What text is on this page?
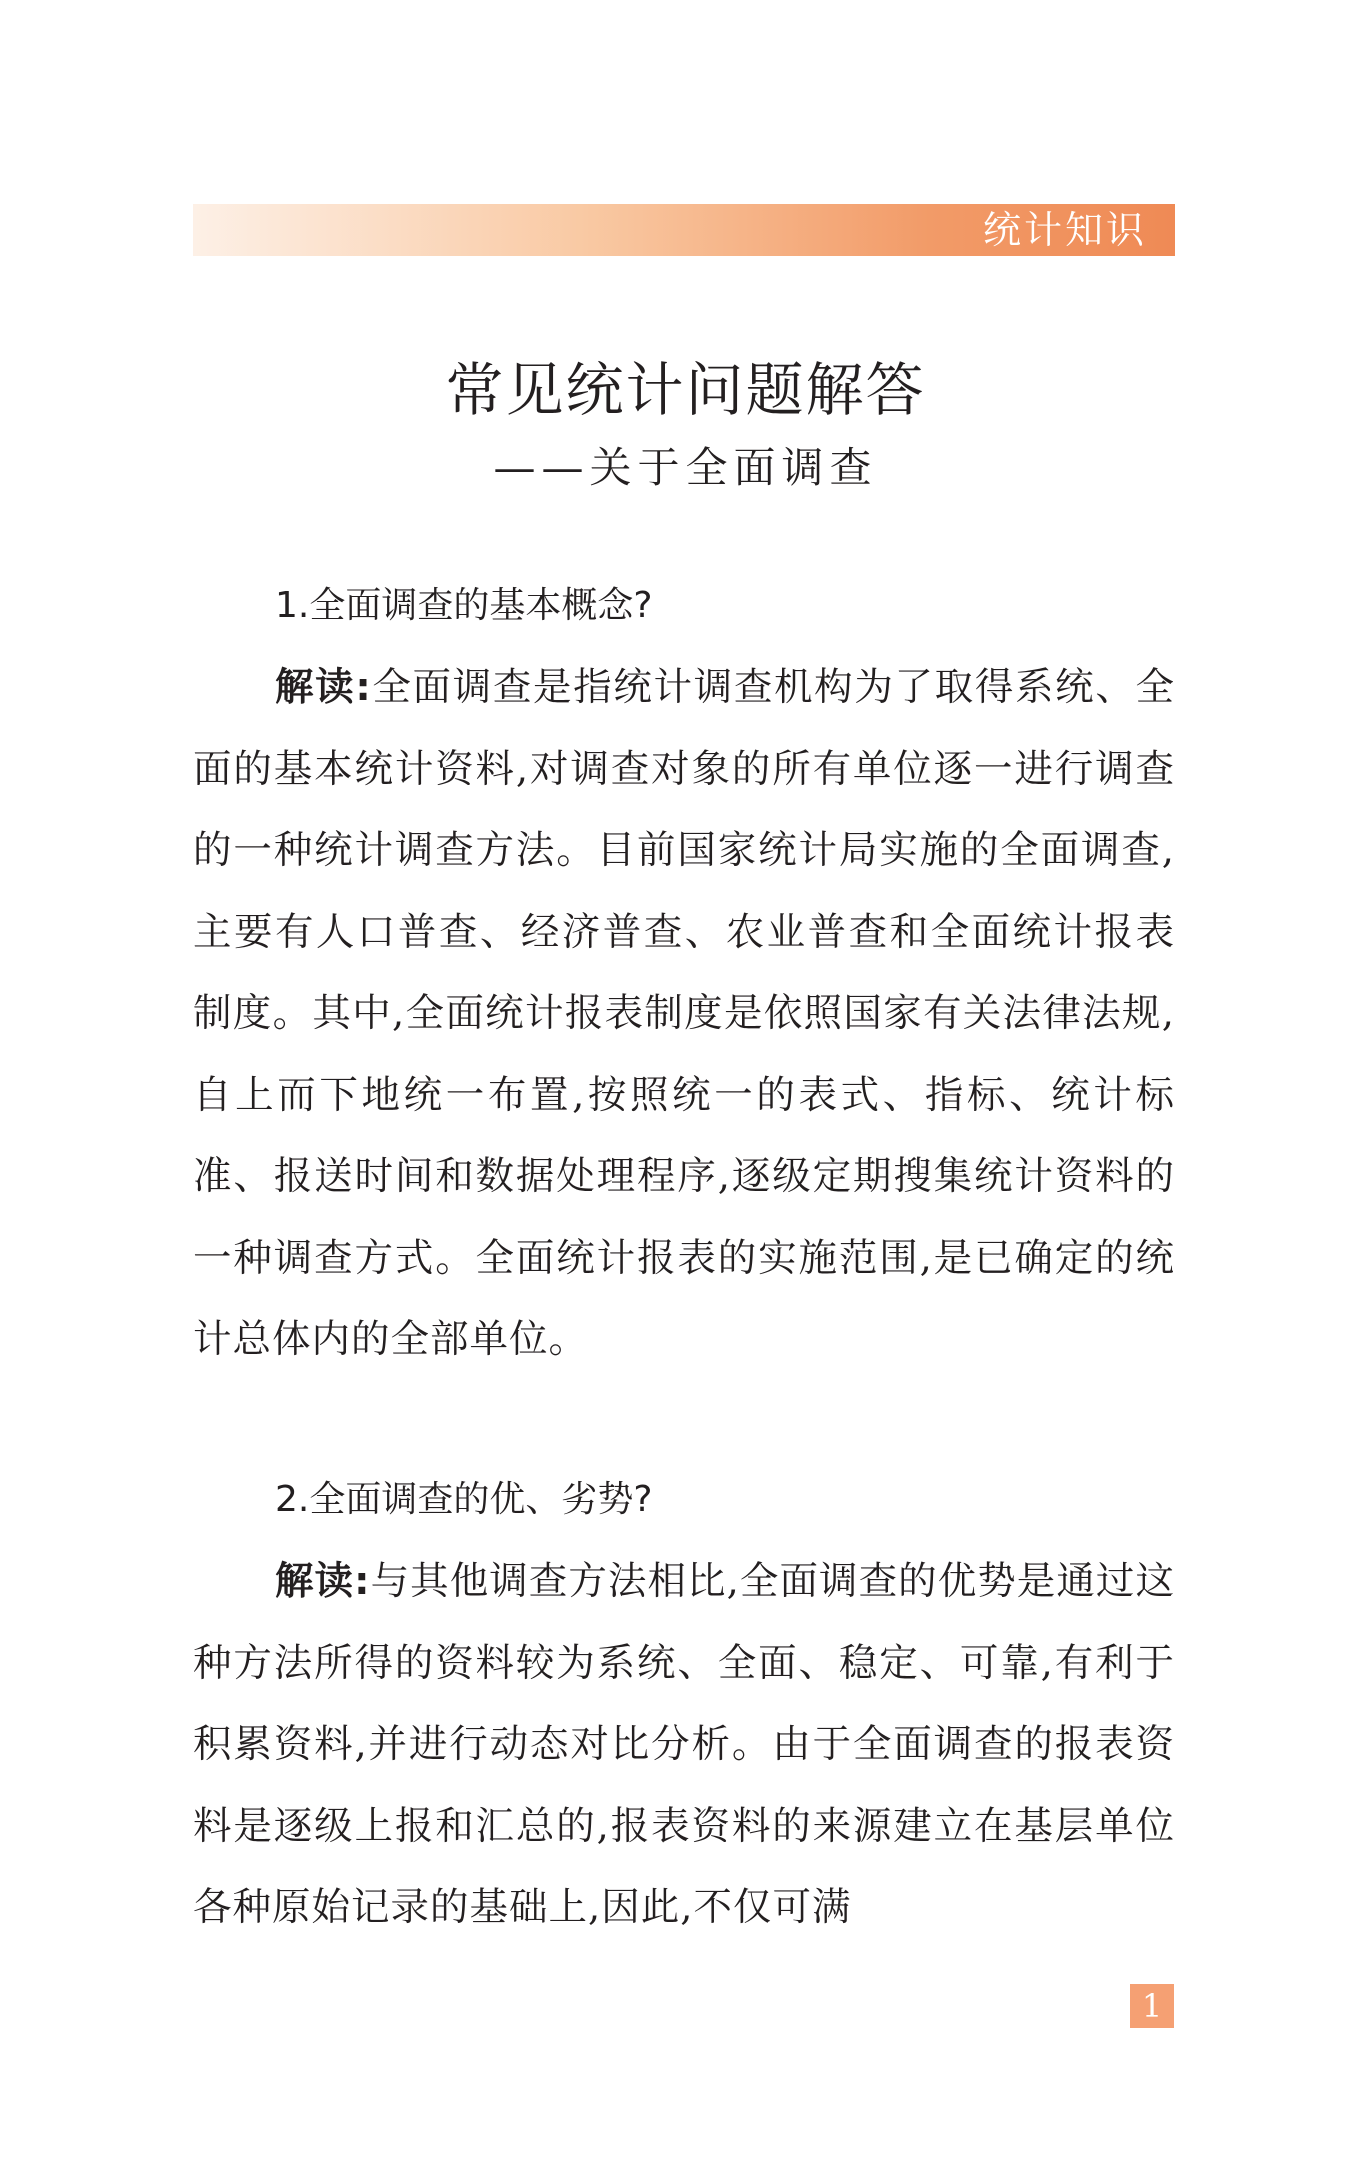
统计知识
常见统计问题解答
——关于全面调查
1.全面调查的基本概念?

解读:全面调查是指统计调查机构为了取得系统、全面的基本统计资料,对调查对象的所有单位逐一进行调查的一种统计调查方法。目前国家统计局实施的全面调查,主要有人口普查、经济普查、农业普查和全面统计报表制度。其中,全面统计报表制度是依照国家有关法律法规,自上而下地统一布置,按照统一的表式、指标、统计标准、报送时间和数据处理程序,逐级定期搜集统计资料的一种调查方式。全面统计报表的实施范围,是已确定的统计总体内的全部单位。

2.全面调查的优、劣势?

解读:与其他调查方法相比,全面调查的优势是通过这种方法所得的资料较为系统、全面、稳定、可靠,有利于积累资料,并进行动态对比分析。由于全面调查的报表资料是逐级上报和汇总的,报表资料的来源建立在基层单位各种原始记录的基础上,因此,不仅可满

1
